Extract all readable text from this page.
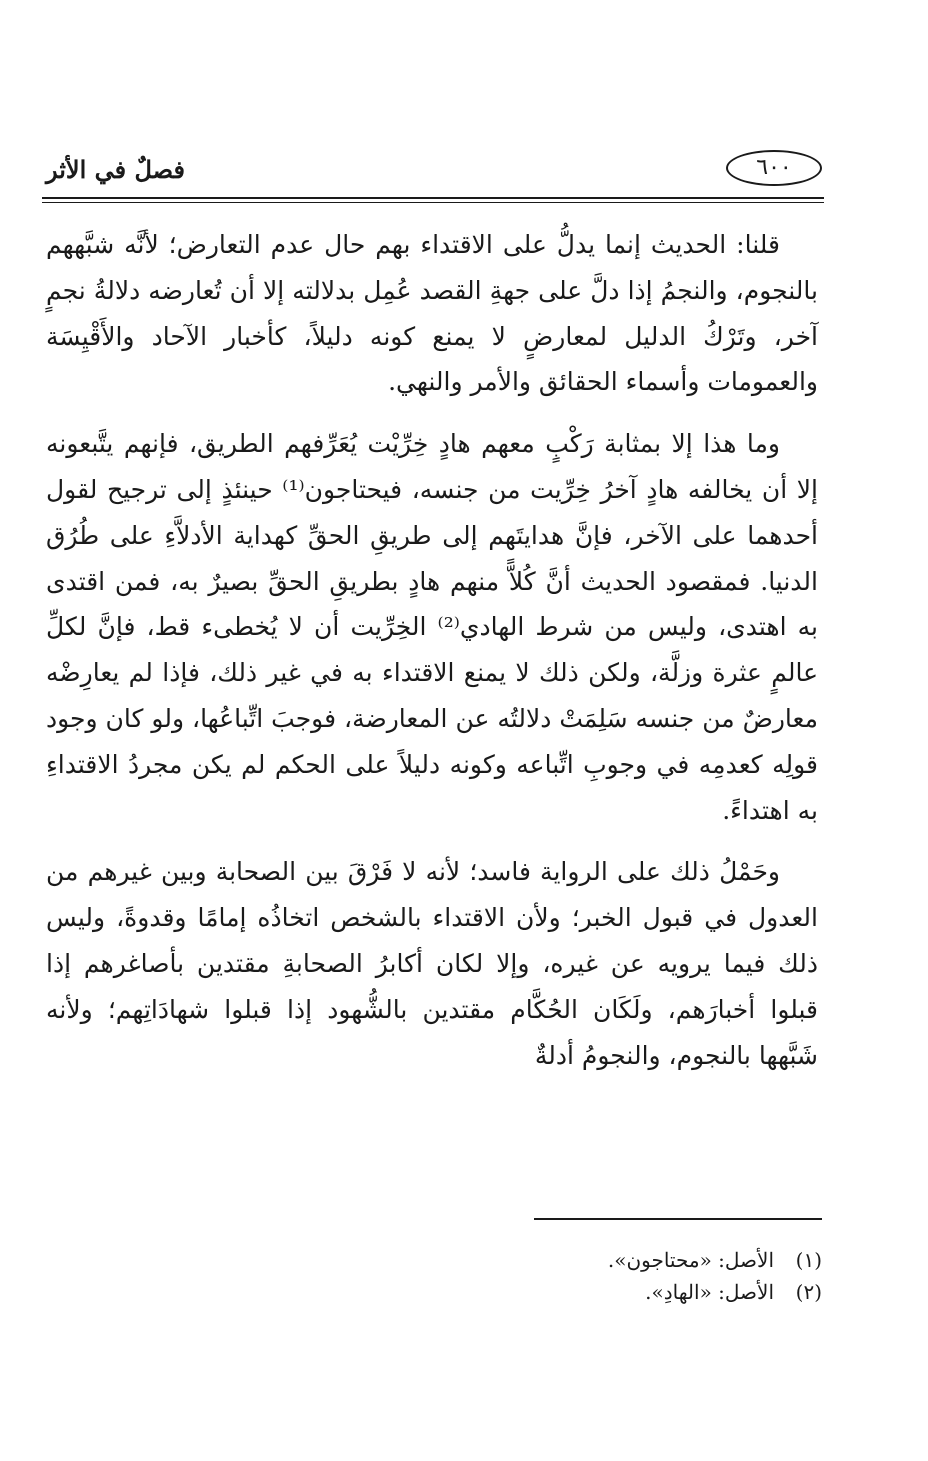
٦٠٠
فصلٌ في الأثر

قلنا: الحديث إنما يدلُّ على الاقتداء بهم حال عدم التعارض؛ لأنَّه شبَّههم بالنجوم، والنجمُ إذا دلَّ على جهةِ القصد عُمِل بدلالته إلا أن تُعارضه دلالةُ نجمٍ آخر، وتَرْكُ الدليل لمعارضٍ لا يمنع كونه دليلاً، كأخبار الآحاد والأَقْيِسَة والعمومات وأسماء الحقائق والأمر والنهي.

وما هذا إلا بمثابة رَكْبٍ معهم هادٍ خِرِّيْت يُعَرِّفهم الطريق، فإنهم يتَّبعونه إلا أن يخالفه هادٍ آخرُ خِرِّيت من جنسه، فيحتاجون⁽¹⁾ حينئذٍ إلى ترجيح لقول أحدهما على الآخر، فإنَّ هدايتَهم إلى طريقِ الحقِّ كهداية الأدلاَّءِ على طُرُق الدنيا. فمقصود الحديث أنَّ كُلاًّ منهم هادٍ بطريقِ الحقِّ بصيرٌ به، فمن اقتدى به اهتدى، وليس من شرط الهادي⁽²⁾ الخِرِّيت أن لا يُخطىء قط، فإنَّ لكلِّ عالمٍ عثرة وزلَّة، ولكن ذلك لا يمنع الاقتداء به في غير ذلك، فإذا لم يعارِضْه معارضٌ من جنسه سَلِمَتْ دلالتُه عن المعارضة، فوجبَ اتِّباعُها، ولو كان وجود قولِه كعدمِه في وجوبِ اتِّباعه وكونه دليلاً على الحكم لم يكن مجردُ الاقتداءِ به اهتداءً.

وحَمْلُ ذلك على الرواية فاسد؛ لأنه لا فَرْقَ بين الصحابة وبين غيرهم من العدول في قبول الخبر؛ ولأن الاقتداء بالشخص اتخاذُه إمامًا وقدوةً، وليس ذلك فيما يرويه عن غيره، وإلا لكان أكابرُ الصحابةِ مقتدين بأصاغرهم إذا قبلوا أخبارَهم، ولَكَان الحُكَّام مقتدين بالشُّهود إذا قبلوا شهادَاتِهم؛ ولأنه شَبَّهها بالنجوم، والنجومُ أدلةٌ

(١)
الأصل: «محتاجون».
(٢)
الأصل: «الهادِ».
